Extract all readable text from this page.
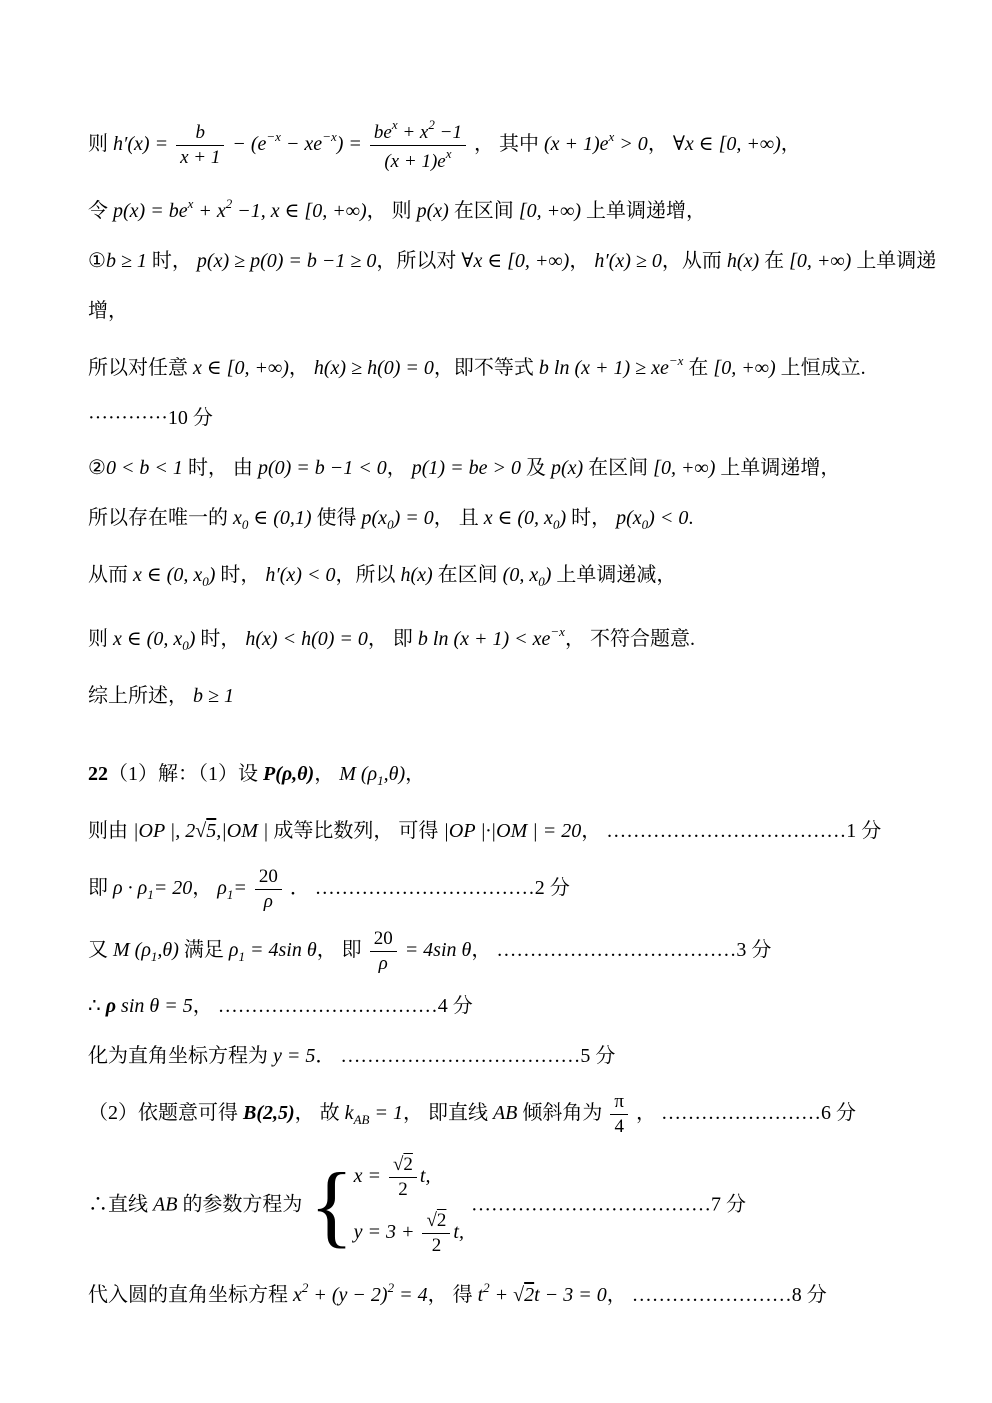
则 $h'(x) = \frac{b}{x + 1} - (e^{-x} - xe^{-x}) = \frac{be^x + x^2 -1}{(x + 1)e^x}$ ， 其中 $(x + 1)e^x > 0$， ∀x ∈ [0, +∞)，
令 $p(x) = be^x + x^2 -1$, x ∈ [0, +∞)， 则 p(x) 在区间 [0, +∞) 上单调递增，
①b ≥ 1 时， p(x) ≥ p(0) = b −1 ≥ 0，所以对 ∀x ∈ [0, +∞)， h′(x) ≥ 0，从而 h(x) 在 [0, +∞) 上单调递
增，
所以对任意 x ∈ [0, +∞)， h(x) ≥ h(0) = 0，即不等式 b $\ln (x + 1) \ge xe^{-x}$ 在 [0, +∞) 上恒成立.
············10 分
②0 < b < 1 时， 由 p(0) = b −1 < 0， p(1) = be > 0 及 p(x) 在区间 [0, +∞) 上单调递增，
所以存在唯一的 $x_0$ ∈ (0,1) 使得 $p(x_0) = 0$， 且 x ∈ (0, $x_0$) 时， $p(x_0) < 0$.
从而 x ∈ (0, $x_0$) 时， h′(x) < 0，所以 h(x) 在区间 (0, $x_0$) 上单调递减，
则 x ∈ (0, $x_0$) 时， h(x) < h(0) = 0， 即 b $\ln (x + 1) < xe^{-x}$， 不符合题意.
综上所述， b ≥ 1
22（1）解：（1）设 P(ρ,θ)， M $(\rho_1,\theta)$，
则由 |OP |, 2√5,|OM | 成等比数列， 可得 |OP |·|OM | = 20， ………………………………1 分
即 $\rho \cdot \rho_1= 20$， $\rho_1= \frac{20}{\rho}$ ． ……………………………2 分
又 M $(\rho_1,\theta)$ 满足 $\rho_1 = 4\sin$ θ， 即 $\frac{20}{\rho} = 4\sin$ θ， ………………………………3 分
∴ ρ sin θ = 5， ……………………………4 分
化为直角坐标方程为 y = 5． ………………………………5 分
（2）依题意可得 B(2,5)， 故 $k_{AB} = 1$， 即直线 AB 倾斜角为 $\frac{\pi}{4}$ ， ……………………6 分
∴直线 AB 的参数方程为 { $x = \frac{√2}{2} t$,
$y = 3 + \frac{√2}{2} t$,
………………………………7 分
代入圆的直角坐标方程 $x^2 + (y - 2)^2 = 4$， 得 $t^2 + √2t - 3 = 0$， ……………………8 分
